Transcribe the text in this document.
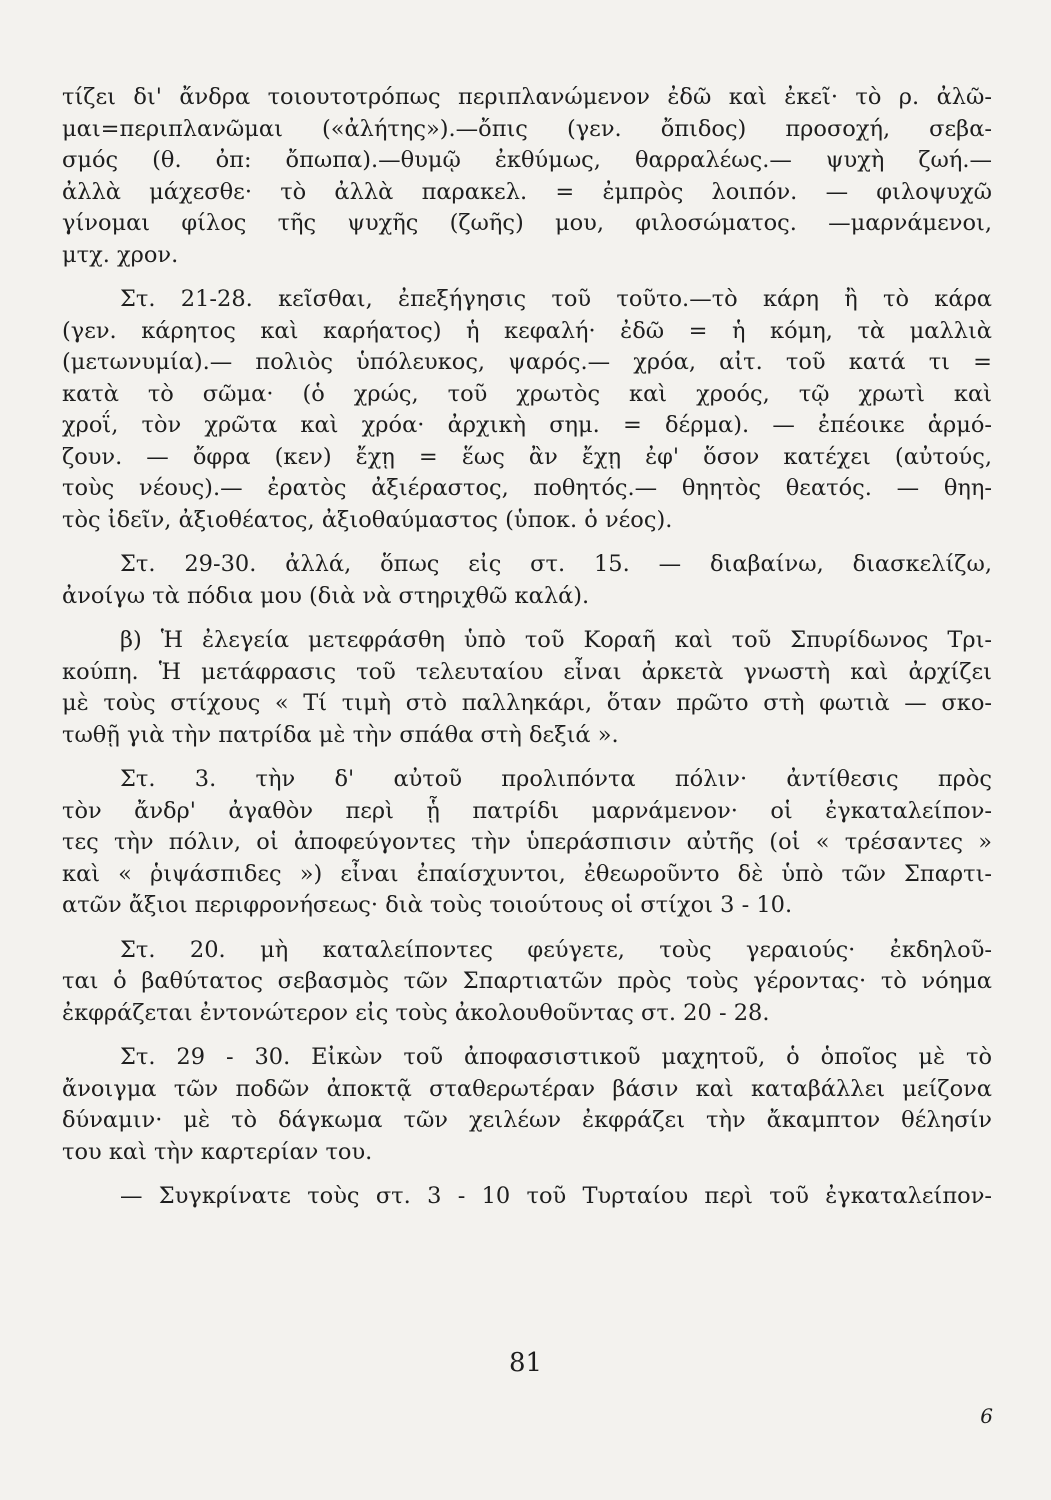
τίζει δι' ἄνδρα τοιουτοτρόπως περιπλανώμενον ἐδῶ καὶ ἐκεῖ· τὸ ρ. ἀλῶ-
μαι=περιπλανῶμαι («ἀλήτης»).—ὄπις (γεν. ὄπιδος) προσοχή, σεβα-
σμός (θ. ὀπ: ὄπωπα).—θυμῷ ἐκθύμως, θαρραλέως.— ψυχὴ ζωή.—
ἀλλὰ μάχεσθε· τὸ ἀλλὰ παρακελ. = ἐμπρὸς λοιπόν. — φιλοψυχῶ
γίνομαι φίλος τῆς ψυχῆς (ζωῆς) μου, φιλοσώματος. —μαρνάμενοι,
μτχ. χρον.
Στ. 21-28. κεῖσθαι, ἐπεξήγησις τοῦ τοῦτο.—τὸ κάρη ἢ τὸ κάρα
(γεν. κάρητος καὶ καρήατος) ἡ κεφαλή· ἐδῶ = ἡ κόμη, τὰ μαλλιὰ
(μετωνυμία).— πολιὸς ὑπόλευκος, ψαρός.— χρόα, αἰτ. τοῦ κατά τι =
κατὰ τὸ σῶμα· (ὁ χρώς, τοῦ χρωτὸς καὶ χροός, τῷ χρωτὶ καὶ
χροΐ, τὸν χρῶτα καὶ χρόα· ἀρχικὴ σημ. = δέρμα). — ἐπέοικε ἁρμό-
ζουν. — ὄφρα (κεν) ἔχῃ = ἕως ἂν ἔχῃ ἐφ' ὅσον κατέχει (αὐτούς,
τοὺς νέους).— ἐρατὸς ἀξιέραστος, ποθητός.— θηητὸς θεατός. — θηη-
τὸς ἰδεῖν, ἀξιοθέατος, ἀξιοθαύμαστος (ὑποκ. ὁ νέος).
Στ. 29-30. ἀλλά, ὅπως εἰς στ. 15. — διαβαίνω, διασκελίζω,
ἀνοίγω τὰ πόδια μου (διὰ νὰ στηριχθῶ καλά).
β) Ἡ ἐλεγεία μετεφράσθη ὑπὸ τοῦ Κοραῆ καὶ τοῦ Σπυρίδωνος Τρι-
κούπη. Ἡ μετάφρασις τοῦ τελευταίου εἶναι ἀρκετὰ γνωστὴ καὶ ἀρχίζει
μὲ τοὺς στίχους « Τί τιμὴ στὸ παλληκάρι, ὅταν πρῶτο στὴ φωτιὰ — σκο-
τωθῇ γιὰ τὴν πατρίδα μὲ τὴν σπάθα στὴ δεξιά ».
Στ. 3. τὴν δ' αὐτοῦ προλιπόντα πόλιν· ἀντίθεσις πρὸς
τὸν ἄνδρ' ἀγαθὸν περὶ ᾗ πατρίδι μαρνάμενον· οἱ ἐγκαταλείπον-
τες τὴν πόλιν, οἱ ἀποφεύγοντες τὴν ὑπεράσπισιν αὐτῆς (οἱ « τρέσαντες »
καὶ « ῥιψάσπιδες ») εἶναι ἐπαίσχυντοι, ἐθεωροῦντο δὲ ὑπὸ τῶν Σπαρτι-
ατῶν ἄξιοι περιφρονήσεως· διὰ τοὺς τοιούτους οἱ στίχοι 3 - 10.
Στ. 20. μὴ καταλείποντες φεύγετε, τοὺς γεραιούς· ἐκδηλοῦ-
ται ὁ βαθύτατος σεβασμὸς τῶν Σπαρτιατῶν πρὸς τοὺς γέροντας· τὸ νόημα
ἐκφράζεται ἐντονώτερον εἰς τοὺς ἀκολουθοῦντας στ. 20 - 28.
Στ. 29 - 30. Εἰκὼν τοῦ ἀποφασιστικοῦ μαχητοῦ, ὁ ὁποῖος μὲ τὸ
ἄνοιγμα τῶν ποδῶν ἀποκτᾷ σταθερωτέραν βάσιν καὶ καταβάλλει μείζονα
δύναμιν· μὲ τὸ δάγκωμα τῶν χειλέων ἐκφράζει τὴν ἄκαμπτον θέλησίν
του καὶ τὴν καρτερίαν του.
— Συγκρίνατε τοὺς στ. 3 - 10 τοῦ Τυρταίου περὶ τοῦ ἐγκαταλείπον-
81
6
